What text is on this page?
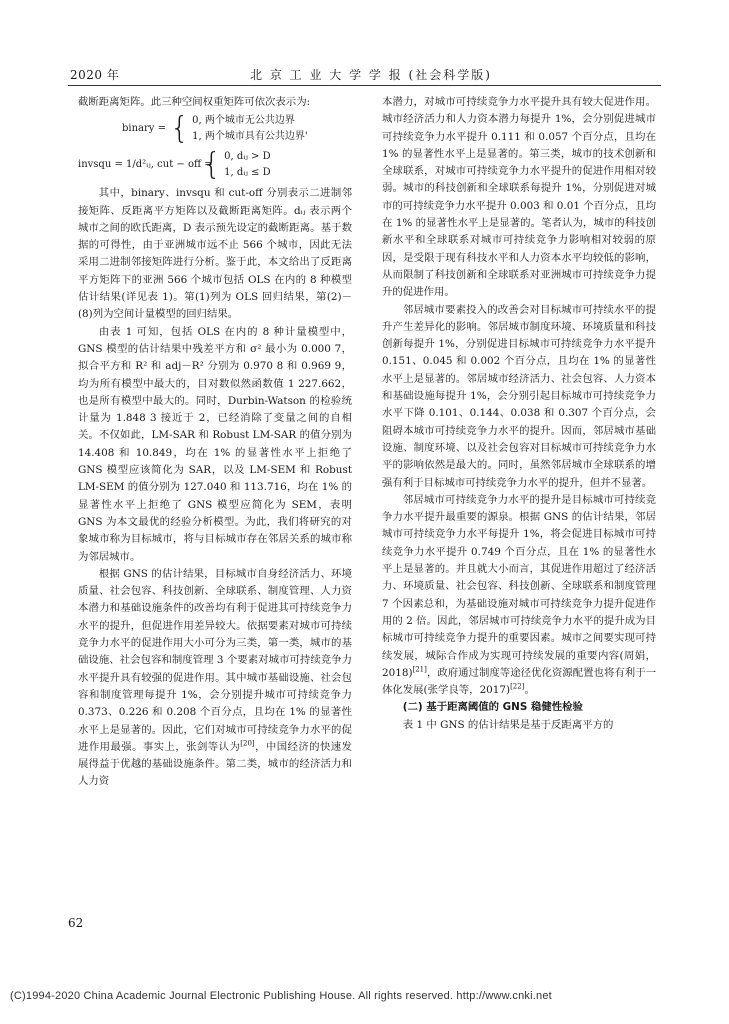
2020 年	北 京 工 业 大 学 学 报 (社会科学版)

截断距离矩阵。此三种空间权重矩阵可依次表示为:

binary = { 0, 两个城市无公共边界
1, 两个城市具有公共边界'
invsqu = 1/d²ᵢⱼ, cut − off =
{ 0, dᵢⱼ > D
1, dᵢⱼ ≤ D

其中，binary、invsqu 和 cut-off 分别表示二进制邻接矩阵、反距离平方矩阵以及截断距离矩阵。dᵢⱼ 表示两个城市之间的欧氏距离，D 表示预先设定的截断距离。基于数据的可得性，由于亚洲城市远不止 566 个城市，因此无法采用二进制邻接矩阵进行分析。鉴于此，本文给出了反距离平方矩阵下的亚洲 566 个城市包括 OLS 在内的 8 种模型估计结果(详见表 1)。第(1)列为 OLS 回归结果，第(2)－(8)列为空间计量模型的回归结果。

由表 1 可知，包括 OLS 在内的 8 种计量模型中，GNS 模型的估计结果中残差平方和 σ² 最小为 0.000 7，拟合平方和 R² 和 adj－R² 分别为 0.970 8 和 0.969 9，均为所有模型中最大的，目对数似然函数值 1 227.662，也是所有模型中最大的。同时，Durbin-Watson 的检验统计量为 1.848 3 接近于 2，已经消除了变量之间的自相关。不仅如此，LM-SAR 和 Robust LM-SAR 的值分别为 14.408 和 10.849，均在 1% 的显著性水平上拒绝了 GNS 模型应该简化为 SAR，以及 LM-SEM 和 Robust LM-SEM 的值分别为 127.040 和 113.716，均在 1% 的显著性水平上拒绝了 GNS 模型应简化为 SEM，表明 GNS 为本文最优的经验分析模型。为此，我们将研究的对象城市称为目标城市，将与目标城市存在邻居关系的城市称为邻居城市。

根据 GNS 的估计结果，目标城市自身经济活力、环境质量、社会包容、科技创新、全球联系、制度管理、人力资本潜力和基础设施条件的改善均有利于促进其可持续竞争力水平的提升，但促进作用差异较大。依据要素对城市可持续竞争力水平的促进作用大小可分为三类，第一类，城市的基础设施、社会包容和制度管理 3 个要素对城市可持续竞争力水平提升具有较强的促进作用。其中城市基础设施、社会包容和制度管理每提升 1%，会分别提升城市可持续竞争力 0.373、0.226 和 0.208 个百分点，且均在 1% 的显著性水平上是显著的。因此，它们对城市可持续竞争力水平的促进作用最强。事实上，张剑等认为[20]，中国经济的快速发展得益于优越的基础设施条件。第二类，城市的经济活力和人力资

本潜力，对城市可持续竞争力水平提升具有较大促进作用。城市经济活力和人力资本潜力每提升 1%，会分别促进城市可持续竞争力水平提升 0.111 和 0.057 个百分点，且均在 1% 的显著性水平上是显著的。第三类，城市的技术创新和全球联系，对城市可持续竞争力水平提升的促进作用相对较弱。城市的科技创新和全球联系每提升 1%，分别促进对城市的可持续竞争力水平提升 0.003 和 0.01 个百分点，且均在 1% 的显著性水平上是显著的。笔者认为，城市的科技创新水平和全球联系对城市可持续竞争力影响相对较弱的原因，是受限于现有科技水平和人力资本水平均较低的影响，从而限制了科技创新和全球联系对亚洲城市可持续竞争力提升的促进作用。

邻居城市要素投入的改善会对目标城市可持续水平的提升产生差异化的影响。邻居城市制度环境、环境质量和科技创新每提升 1%，分别促进目标城市可持续竞争力水平提升 0.151、0.045 和 0.002 个百分点，且均在 1% 的显著性水平上是显著的。邻居城市经济活力、社会包容、人力资本和基础设施每提升 1%，会分别引起目标城市可持续竞争力水平下降 0.101、0.144、0.038 和 0.307 个百分点，会阻碍本城市可持续竞争力水平的提升。因而，邻居城市基础设施、制度环境、以及社会包容对目标城市可持续竞争力水平的影响依然是最大的。同时，虽然邻居城市全球联系的增强有利于目标城市可持续竞争力水平的提升，但并不显著。

邻居城市可持续竞争力水平的提升是目标城市可持续竞争力水平提升最重要的源泉。根据 GNS 的估计结果，邻居城市可持续竞争力水平每提升 1%，将会促进目标城市可持续竞争力水平提升 0.749 个百分点，且在 1% 的显著性水平上是显著的。并且就大小而言，其促进作用超过了经济活力、环境质量、社会包容、科技创新、全球联系和制度管理 7 个因素总和，为基础设施对城市可持续竞争力提升促进作用的 2 倍。因此，邻居城市可持续竞争力水平的提升成为目标城市可持续竞争力提升的重要因素。城市之间要实现可持续发展，城际合作成为实现可持续发展的重要内容(周娟，2018)[21]，政府通过制度等途径优化资源配置也将有利于一体化发展(张学良等，2017)[22]。

(二) 基于距离阈值的 GNS 稳健性检验

表 1 中 GNS 的估计结果是基于反距离平方的

62
(C)1994-2020 China Academic Journal Electronic Publishing House. All rights reserved. http://www.cnki.net
